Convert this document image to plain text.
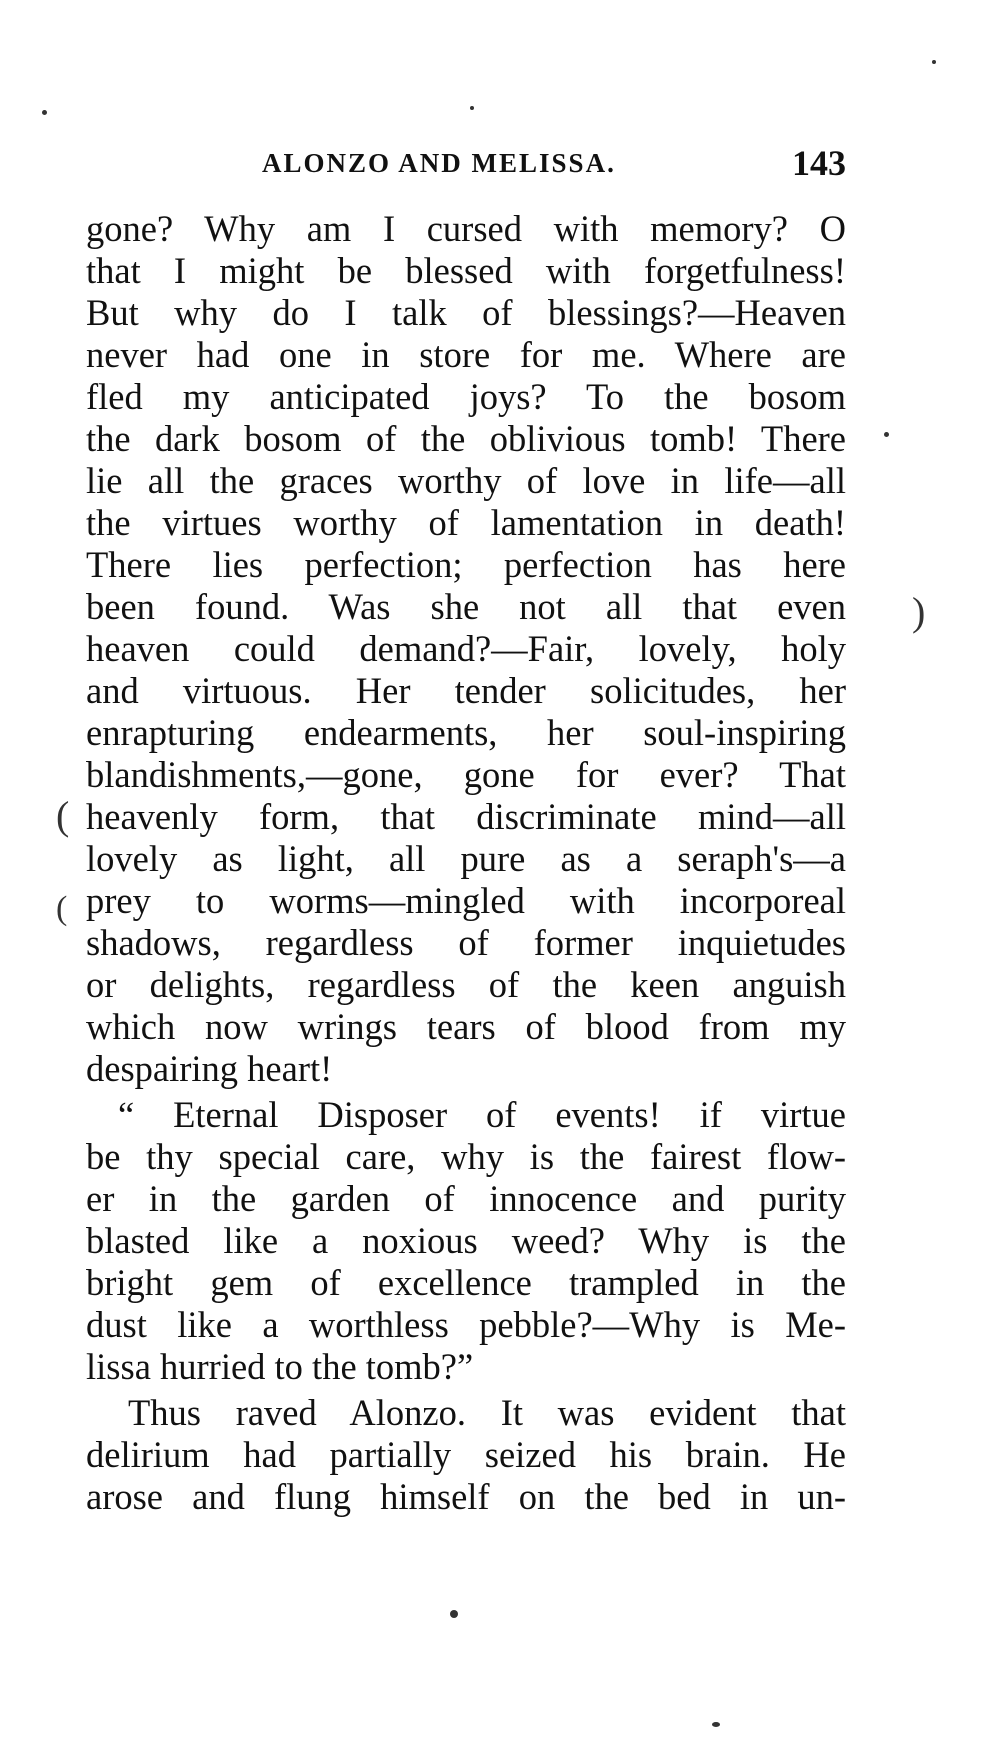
ALONZO AND MELISSA.	143
gone? Why am I cursed with memory? O
that I might be blessed with forgetfulness!
But why do I talk of blessings?—Heaven
never had one in store for me. Where are
fled my anticipated joys? To the bosom
the dark bosom of the oblivious tomb! There
lie all the graces worthy of love in life—all
the virtues worthy of lamentation in death!
There lies perfection; perfection has here
been found. Was she not all that even
heaven could demand?—Fair, lovely, holy
and virtuous. Her tender solicitudes, her
enrapturing endearments, her soul-inspiring
blandishments,—gone, gone for ever? That
heavenly form, that discriminate mind—all
lovely as light, all pure as a seraph's—a
prey to worms—mingled with incorporeal
shadows, regardless of former inquietudes
or delights, regardless of the keen anguish
which now wrings tears of blood from my
despairing heart!
“ Eternal Disposer of events! if virtue
be thy special care, why is the fairest flow-
er in the garden of innocence and purity
blasted like a noxious weed? Why is the
bright gem of excellence trampled in the
dust like a worthless pebble?—Why is Me-
lissa hurried to the tomb?”
Thus raved Alonzo. It was evident that
delirium had partially seized his brain. He
arose and flung himself on the bed in un-
(
(
)
